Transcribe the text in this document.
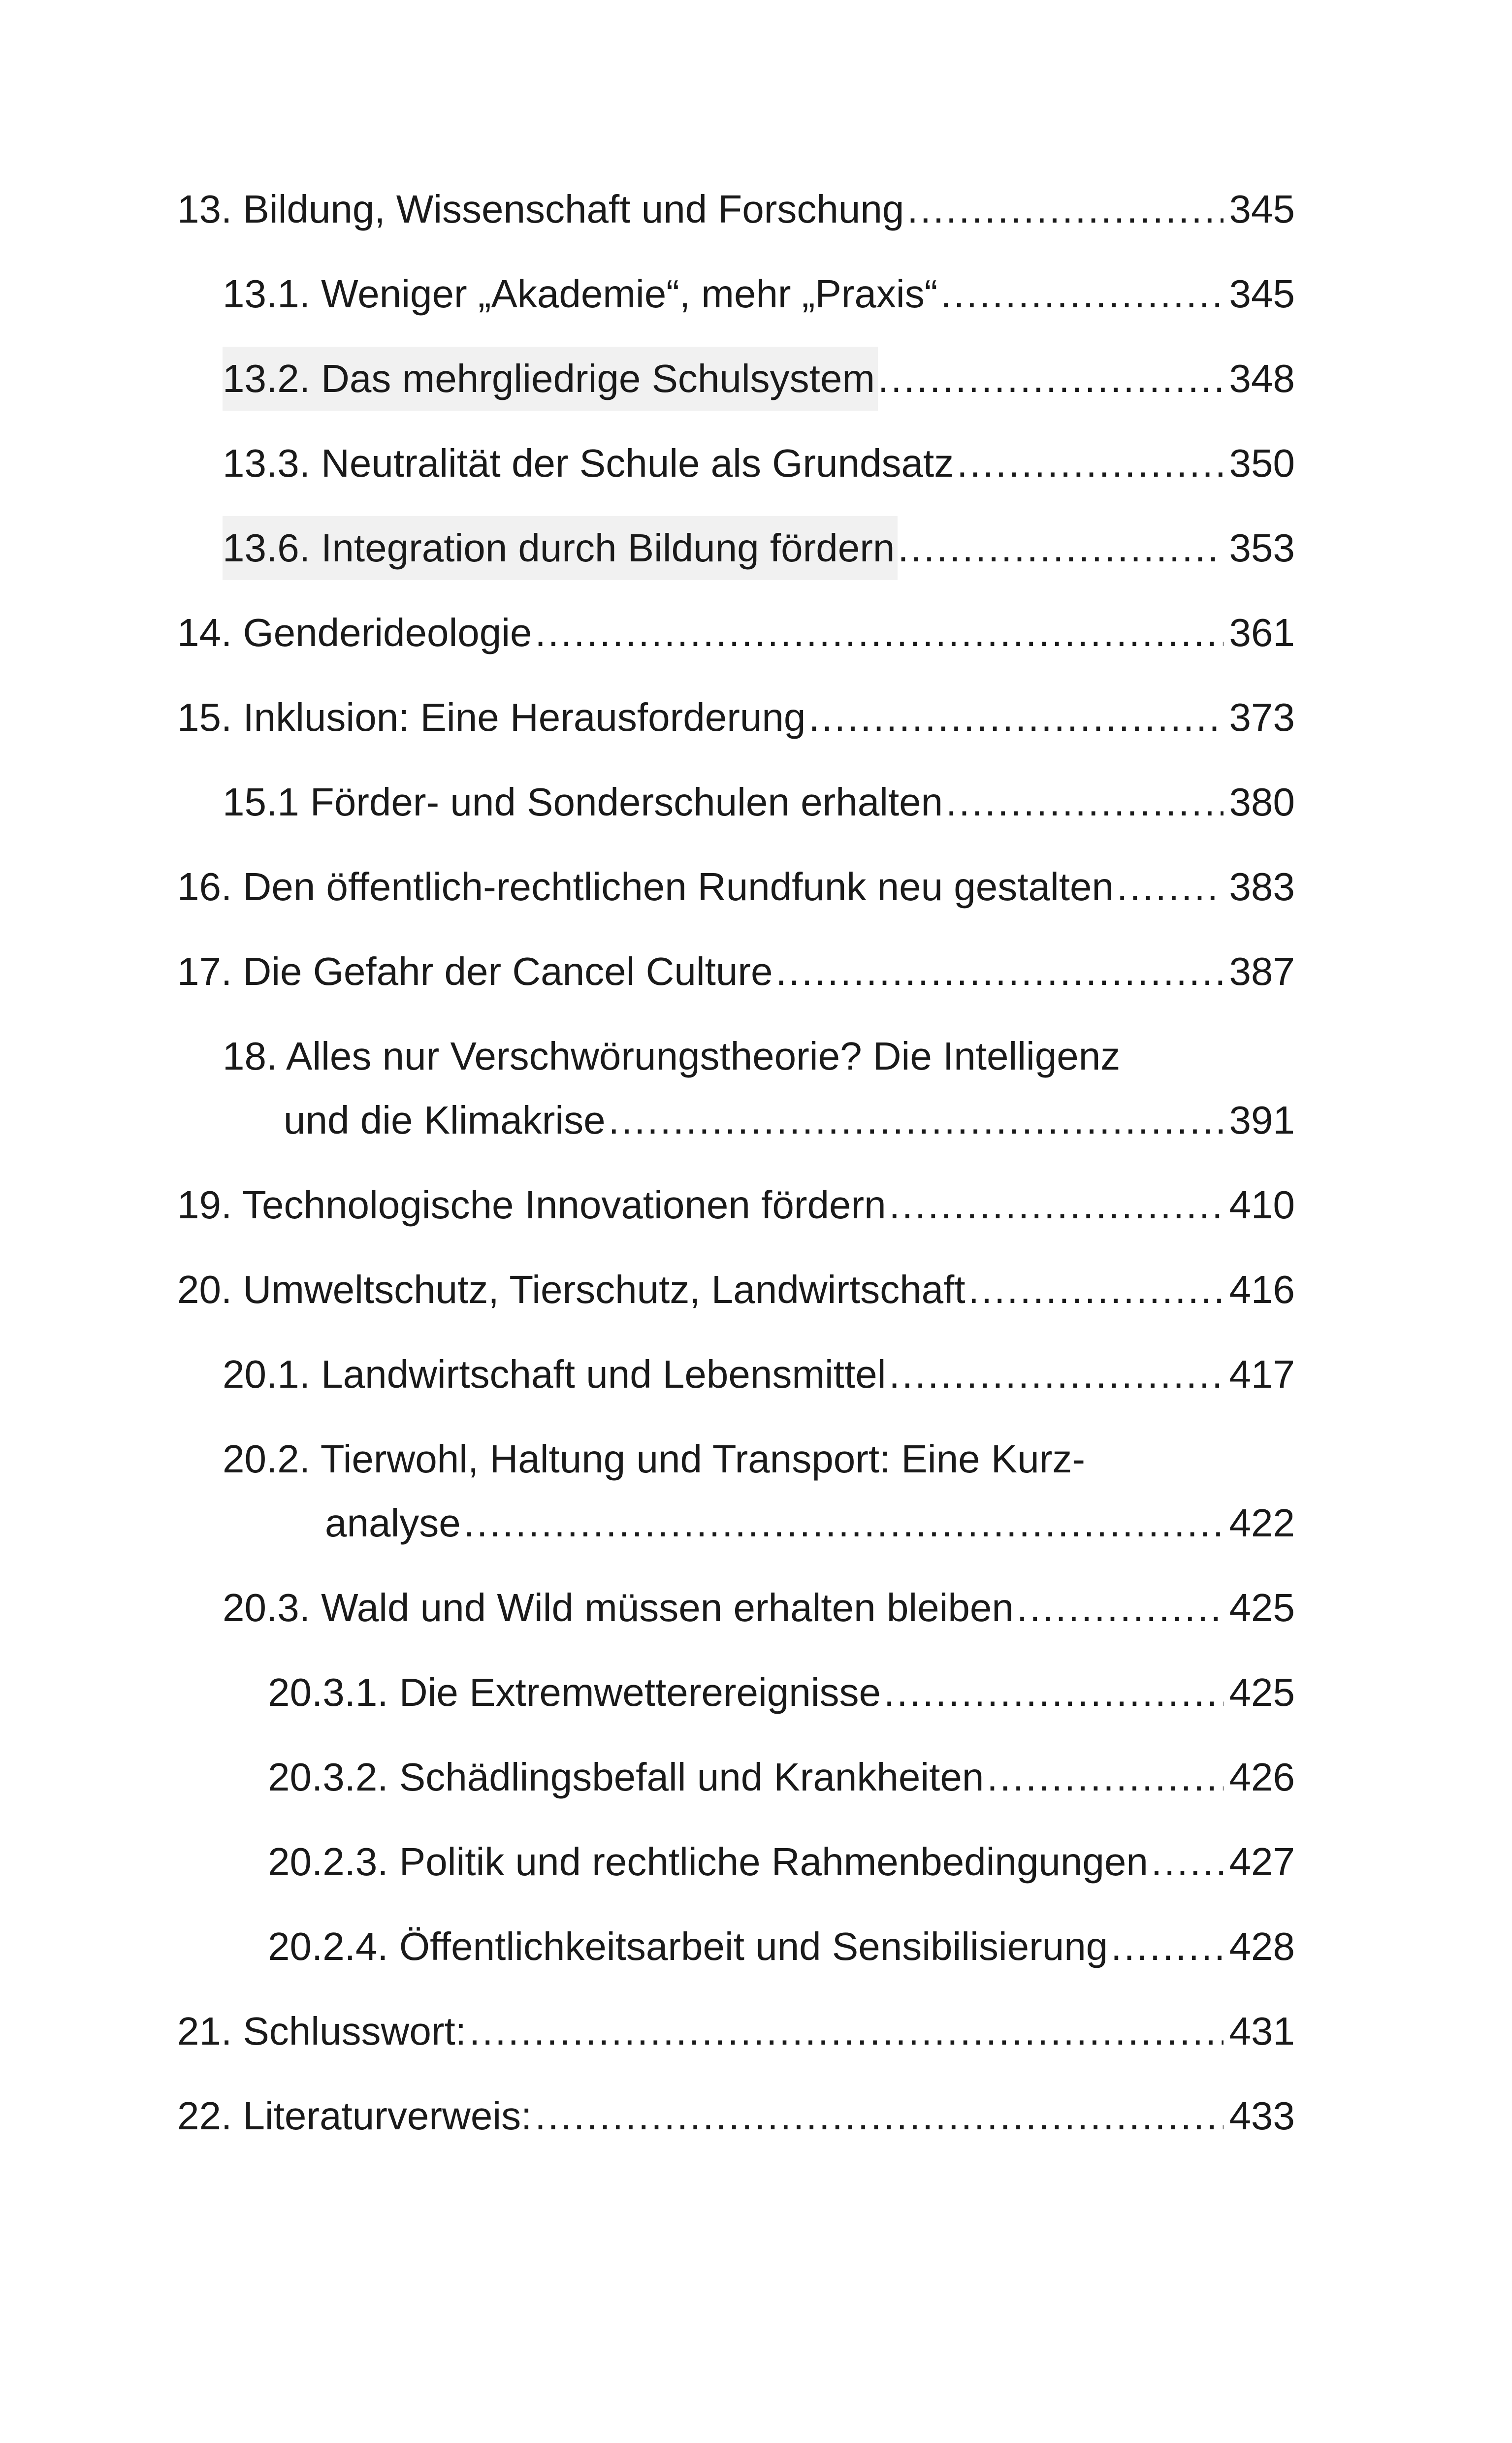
13. Bildung, Wissenschaft und Forschung .....	345
13.1. Weniger „Akademie“, mehr „Praxis“ .....	345
13.2. Das mehrgliedrige Schulsystem .....	348
13.3. Neutralität der Schule als Grundsatz .....	350
13.6. Integration durch Bildung fördern .....	353
14. Genderideologie .....	361
15. Inklusion: Eine Herausforderung .....	373
15.1 Förder- und Sonderschulen erhalten .....	380
16. Den öffentlich-rechtlichen Rundfunk neu gestalten .....	383
17. Die Gefahr der Cancel Culture .....	387
18. Alles nur Verschwörungstheorie? Die Intelligenz
und die Klimakrise .....	391
19. Technologische Innovationen fördern .....	410
20. Umweltschutz, Tierschutz, Landwirtschaft .....	416
20.1. Landwirtschaft und Lebensmittel .....	417
20.2. Tierwohl, Haltung und Transport: Eine Kurz-
analyse .....	422
20.3. Wald und Wild müssen erhalten bleiben .....	425
20.3.1. Die Extremwetterereignisse .....	425
20.3.2. Schädlingsbefall und Krankheiten .....	426
20.2.3. Politik und rechtliche Rahmenbedingungen ..... 427
20.2.4. Öffentlichkeitsarbeit und Sensibilisierung .....	428
21. Schlusswort: .....	431
22. Literaturverweis: .....	433
